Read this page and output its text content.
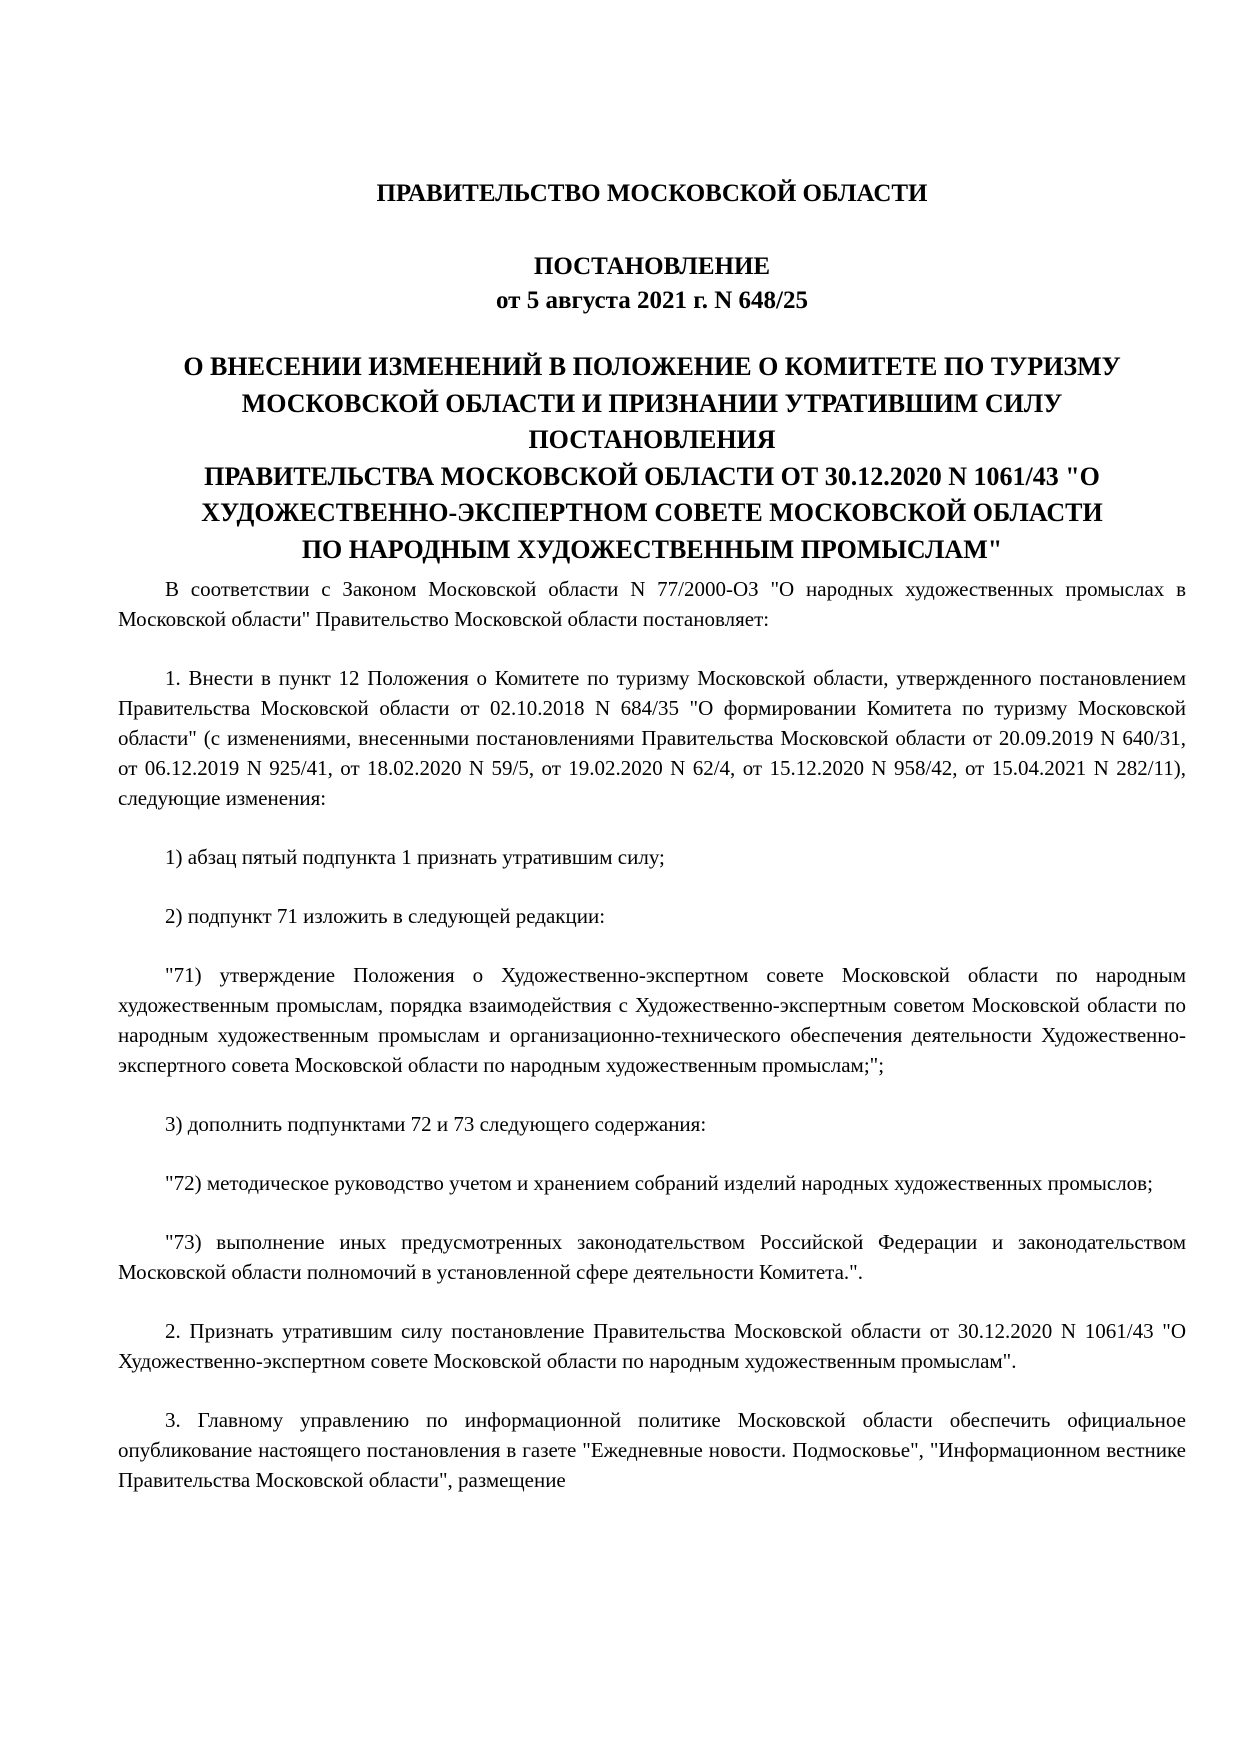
ПРАВИТЕЛЬСТВО МОСКОВСКОЙ ОБЛАСТИ

ПОСТАНОВЛЕНИЕ
от 5 августа 2021 г. N 648/25
О ВНЕСЕНИИ ИЗМЕНЕНИЙ В ПОЛОЖЕНИЕ О КОМИТЕТЕ ПО ТУРИЗМУ
МОСКОВСКОЙ ОБЛАСТИ И ПРИЗНАНИИ УТРАТИВШИМ СИЛУ
ПОСТАНОВЛЕНИЯ
ПРАВИТЕЛЬСТВА МОСКОВСКОЙ ОБЛАСТИ ОТ 30.12.2020 N 1061/43 "О
ХУДОЖЕСТВЕННО-ЭКСПЕРТНОМ СОВЕТЕ МОСКОВСКОЙ ОБЛАСТИ
ПО НАРОДНЫМ ХУДОЖЕСТВЕННЫМ ПРОМЫСЛАМ"

В соответствии с Законом Московской области N 77/2000-ОЗ "О народных художественных промыслах в Московской области" Правительство Московской области постановляет:

1. Внести в пункт 12 Положения о Комитете по туризму Московской области, утвержденного постановлением Правительства Московской области от 02.10.2018 N 684/35 "О формировании Комитета по туризму Московской области" (с изменениями, внесенными постановлениями Правительства Московской области от 20.09.2019 N 640/31, от 06.12.2019 N 925/41, от 18.02.2020 N 59/5, от 19.02.2020 N 62/4, от 15.12.2020 N 958/42, от 15.04.2021 N 282/11), следующие изменения:

1) абзац пятый подпункта 1 признать утратившим силу;

2) подпункт 71 изложить в следующей редакции:

"71) утверждение Положения о Художественно-экспертном совете Московской области по народным художественным промыслам, порядка взаимодействия с Художественно-экспертным советом Московской области по народным художественным промыслам и организационно-технического обеспечения деятельности Художественно-экспертного совета Московской области по народным художественным промыслам;";

3) дополнить подпунктами 72 и 73 следующего содержания:

"72) методическое руководство учетом и хранением собраний изделий народных художественных промыслов;

"73) выполнение иных предусмотренных законодательством Российской Федерации и законодательством Московской области полномочий в установленной сфере деятельности Комитета.".

2. Признать утратившим силу постановление Правительства Московской области от 30.12.2020 N 1061/43 "О Художественно-экспертном совете Московской области по народным художественным промыслам".

3. Главному управлению по информационной политике Московской области обеспечить официальное опубликование настоящего постановления в газете "Ежедневные новости. Подмосковье", "Информационном вестнике Правительства Московской области", размещение
